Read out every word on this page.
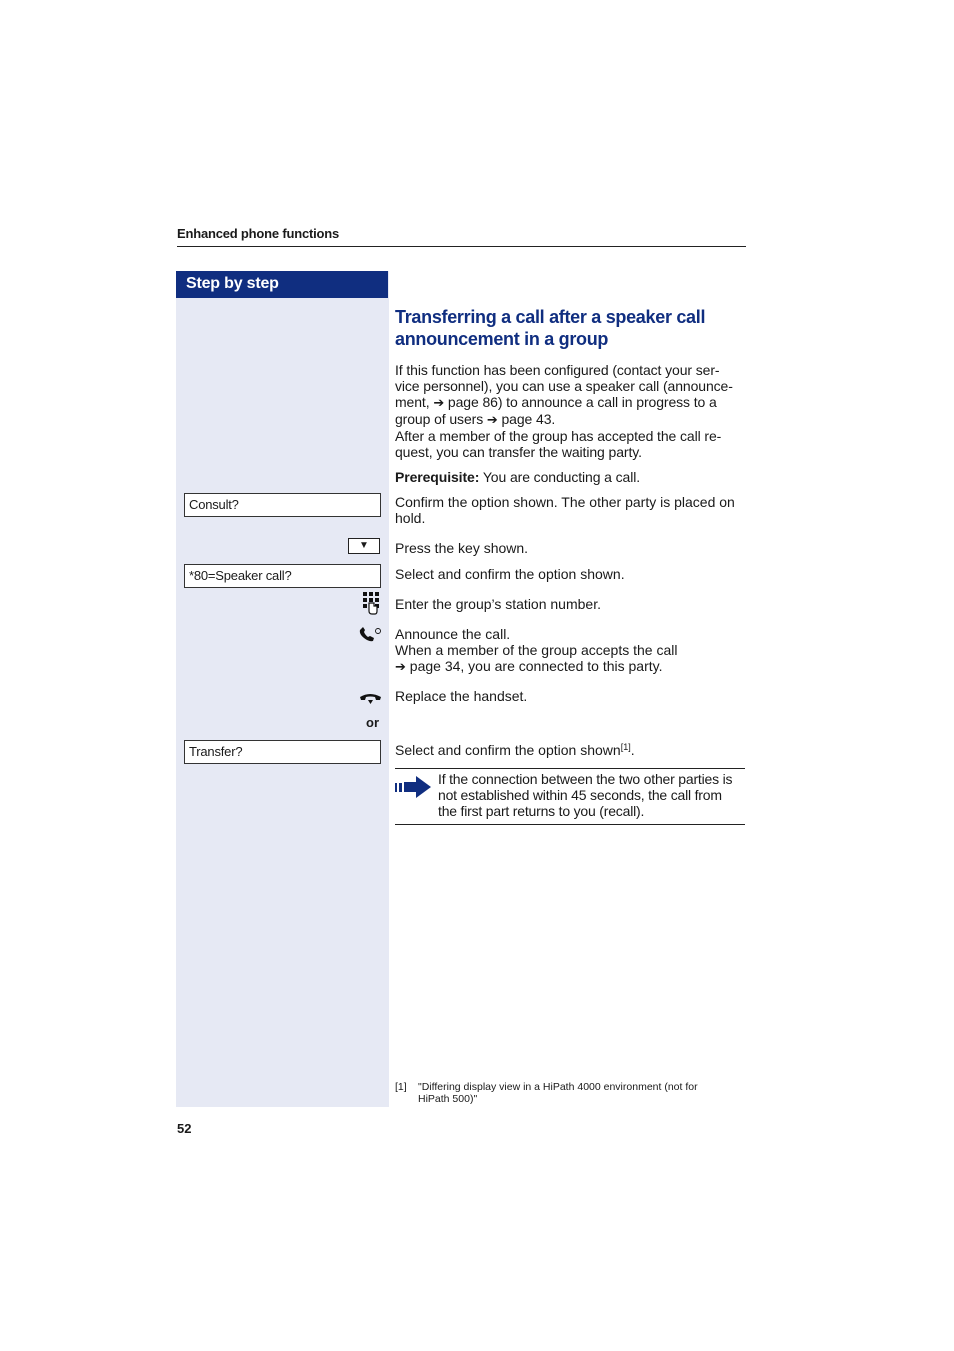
Enhanced phone functions
Step by step
Transferring a call after a speaker call announcement in a group
If this function has been configured (contact your ser-
vice personnel), you can use a speaker call (announce-
ment, ➔ page 86) to announce a call in progress to a
group of users ➔ page 43.
After a member of the group has accepted the call re-
quest, you can transfer the waiting party.
Prerequisite: You are conducting a call.
Consult?	Confirm the option shown. The other party is placed on
hold.
▼	Press the key shown.
*80=Speaker call?	Select and confirm the option shown.
Enter the group’s station number.
Announce the call.
When a member of the group accepts the call
➔ page 34, you are connected to this party.
Replace the handset.
or
Transfer?	Select and confirm the option shown[1].
If the connection between the two other parties is
not established within 45 seconds, the call from
the first part returns to you (recall).
[1] "Differing display view in a HiPath 4000 environment (not for
HiPath 500)"
52
